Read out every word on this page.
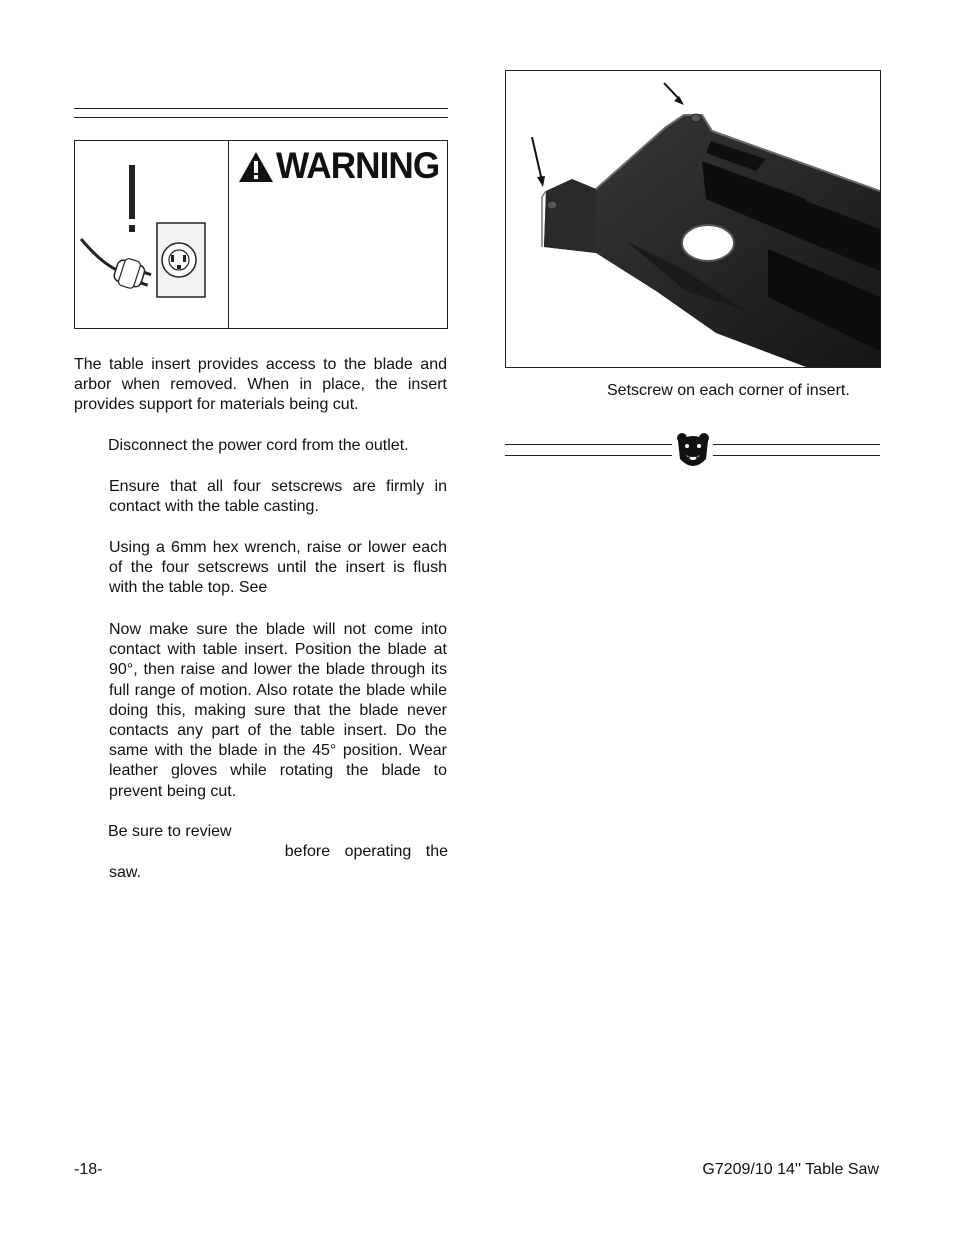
WARNING

The table insert provides access to the blade and arbor when removed. When in place, the insert provides support for materials being cut.

Disconnect the power cord from the outlet.

Ensure that all four setscrews are firmly in contact with the table casting.

Using a 6mm hex wrench, raise or lower each of the four setscrews until the insert is flush with the table top. See

Now make sure the blade will not come into contact with table insert. Position the blade at 90°, then raise and lower the blade through its full range of motion. Also rotate the blade while doing this, making sure that the blade never contacts any part of the table insert. Do the same with the blade in the 45° position. Wear leather gloves while rotating the blade to prevent being cut.

Be sure to review
before operating the
saw.
Setscrew on each corner of insert.
-18-	G7209/10 14'' Table Saw
